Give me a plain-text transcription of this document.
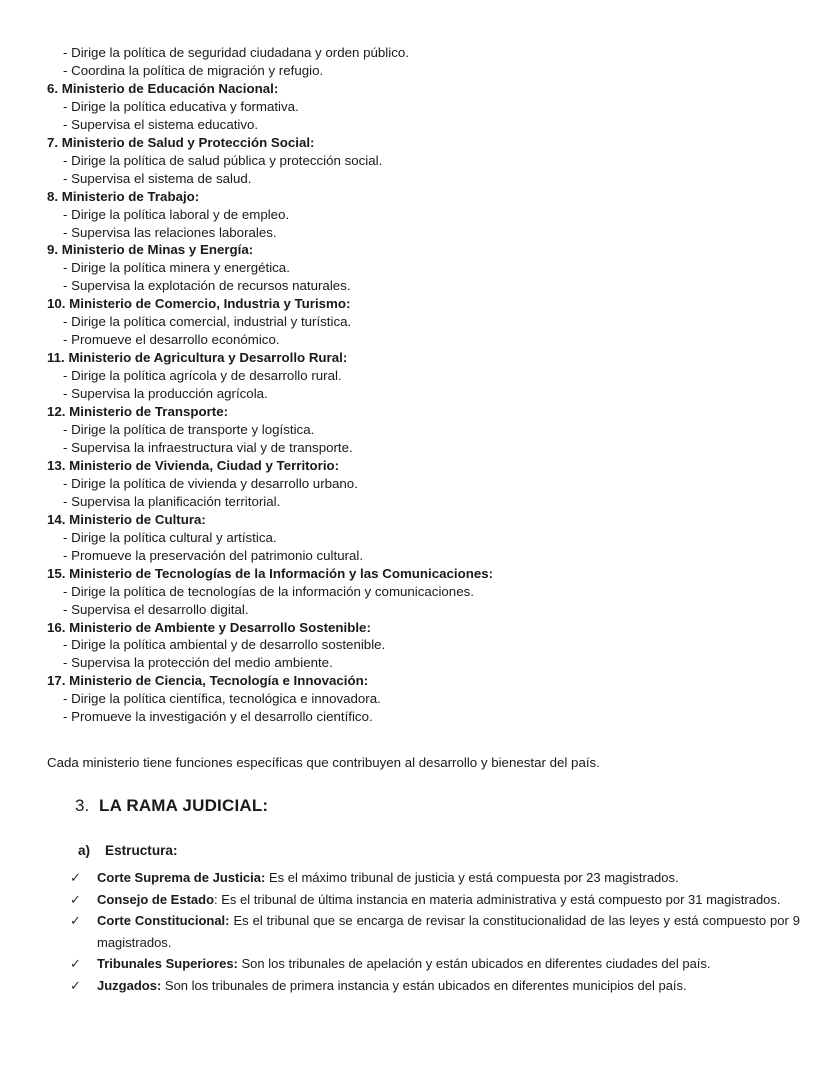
- Dirige la política de seguridad ciudadana y orden público.
- Coordina la política de migración y refugio.
6. Ministerio de Educación Nacional:
- Dirige la política educativa y formativa.
- Supervisa el sistema educativo.
7. Ministerio de Salud y Protección Social:
- Dirige la política de salud pública y protección social.
- Supervisa el sistema de salud.
8. Ministerio de Trabajo:
- Dirige la política laboral y de empleo.
- Supervisa las relaciones laborales.
9. Ministerio de Minas y Energía:
- Dirige la política minera y energética.
- Supervisa la explotación de recursos naturales.
10. Ministerio de Comercio, Industria y Turismo:
- Dirige la política comercial, industrial y turística.
- Promueve el desarrollo económico.
11. Ministerio de Agricultura y Desarrollo Rural:
- Dirige la política agrícola y de desarrollo rural.
- Supervisa la producción agrícola.
12. Ministerio de Transporte:
- Dirige la política de transporte y logística.
- Supervisa la infraestructura vial y de transporte.
13. Ministerio de Vivienda, Ciudad y Territorio:
- Dirige la política de vivienda y desarrollo urbano.
- Supervisa la planificación territorial.
14. Ministerio de Cultura:
- Dirige la política cultural y artística.
- Promueve la preservación del patrimonio cultural.
15. Ministerio de Tecnologías de la Información y las Comunicaciones:
- Dirige la política de tecnologías de la información y comunicaciones.
- Supervisa el desarrollo digital.
16. Ministerio de Ambiente y Desarrollo Sostenible:
- Dirige la política ambiental y de desarrollo sostenible.
- Supervisa la protección del medio ambiente.
17. Ministerio de Ciencia, Tecnología e Innovación:
- Dirige la política científica, tecnológica e innovadora.
- Promueve la investigación y el desarrollo científico.

Cada ministerio tiene funciones específicas que contribuyen al desarrollo y bienestar del país.

3. LA RAMA JUDICIAL:
a) Estructura:
✓ Corte Suprema de Justicia: Es el máximo tribunal de justicia y está compuesta por 23 magistrados.
✓ Consejo de Estado: Es el tribunal de última instancia en materia administrativa y está compuesto por 31 magistrados.
✓ Corte Constitucional: Es el tribunal que se encarga de revisar la constitucionalidad de las leyes y está compuesto por 9 magistrados.
✓ Tribunales Superiores: Son los tribunales de apelación y están ubicados en diferentes ciudades del país.
✓ Juzgados: Son los tribunales de primera instancia y están ubicados en diferentes municipios del país.
